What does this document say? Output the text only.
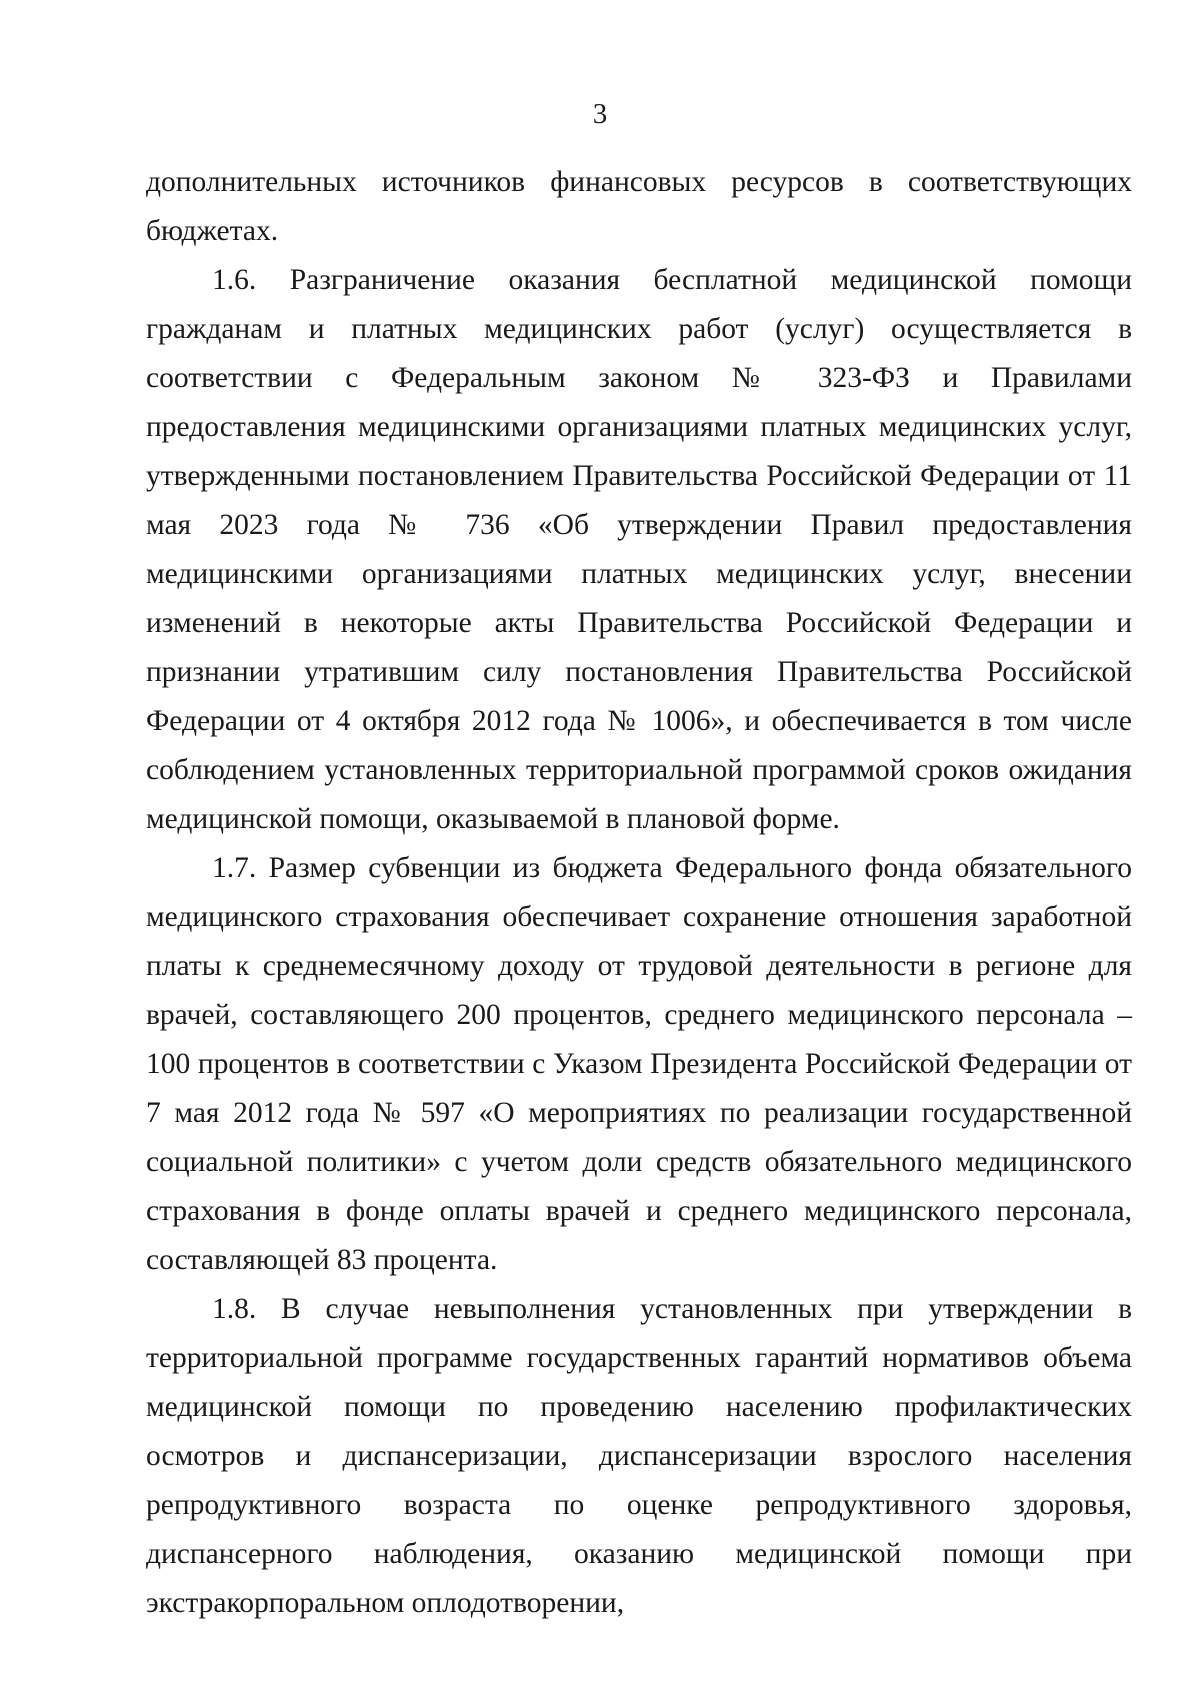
3

дополнительных источников финансовых ресурсов в соответствующих бюджетах.

1.6. Разграничение оказания бесплатной медицинской помощи гражданам и платных медицинских работ (услуг) осуществляется в соответствии с Федеральным законом № 323-ФЗ и Правилами предоставления медицинскими организациями платных медицинских услуг, утвержденными постановлением Правительства Российской Федерации от 11 мая 2023 года № 736 «Об утверждении Правил предоставления медицинскими организациями платных медицинских услуг, внесении изменений в некоторые акты Правительства Российской Федерации и признании утратившим силу постановления Правительства Российской Федерации от 4 октября 2012 года № 1006», и обеспечивается в том числе соблюдением установленных территориальной программой сроков ожидания медицинской помощи, оказываемой в плановой форме.

1.7. Размер субвенции из бюджета Федерального фонда обязательного медицинского страхования обеспечивает сохранение отношения заработной платы к среднемесячному доходу от трудовой деятельности в регионе для врачей, составляющего 200 процентов, среднего медицинского персонала – 100 процентов в соответствии с Указом Президента Российской Федерации от 7 мая 2012 года № 597 «О мероприятиях по реализации государственной социальной политики» с учетом доли средств обязательного медицинского страхования в фонде оплаты врачей и среднего медицинского персонала, составляющей 83 процента.

1.8. В случае невыполнения установленных при утверждении в территориальной программе государственных гарантий нормативов объема медицинской помощи по проведению населению профилактических осмотров и диспансеризации, диспансеризации взрослого населения репродуктивного возраста по оценке репродуктивного здоровья, диспансерного наблюдения, оказанию медицинской помощи при экстракорпоральном оплодотворении,
